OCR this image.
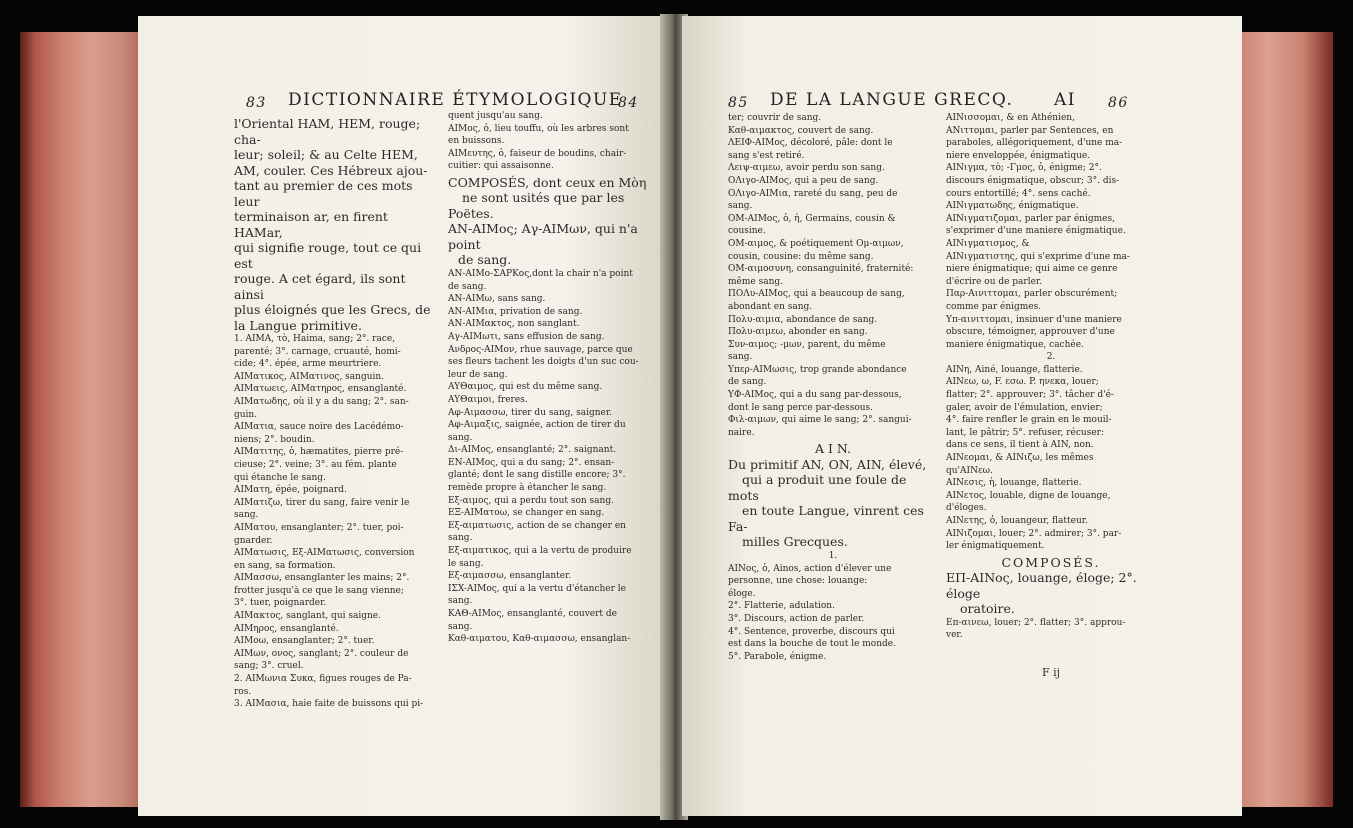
83 DICTIONNAIRE ÉTYMOLOGIQUE
84

l'Oriental HAM, HEM, rouge; cha-

leur; soleil; & au Celte HEM,

AM, couler. Ces Hébreux ajou-

tant au premier de ces mots leur

terminaison ar, en firent HAMar,

qui signifie rouge, tout ce qui est

rouge. A cet égard, ils sont ainsi

plus éloignés que les Grecs, de

la Langue primitive.

1. AIMA, τὸ, Haima, sang; 2°. race,

parenté; 3°. carnage, cruauté, homi-

cide; 4°. épée, arme meurtriere.

AIMατικος, AIMατινος, sanguin.

AIMατωεις, AIMατηρος, ensanglanté.

AIMατωδης, où il y a du sang; 2°. san-

guin.

AIMατια, sauce noire des Lacédémo-

niens; 2°. boudin.

AIMατιτης, ὁ, hæmatites, pierre pré-

cieuse; 2°. veine; 3°. au fém. plante

qui étanche le sang.

AIMατη, épée, poignard.

AIMατιζω, tirer du sang, faire venir le

sang.

AIMατου, ensanglanter; 2°. tuer, poi-

gnarder.

AIMατωσις, Εξ-AIMατωσις, conversion

en sang, sa formation.

AIMασσω, ensanglanter les mains; 2°.

frotter jusqu'à ce que le sang vienne;

3°. tuer, poignarder.

AIMακτος, sanglant, qui saigne.

AIMηρος, ensanglanté.

AIMοω, ensanglanter; 2°. tuer.

AIMων, ονος, sanglant; 2°. couleur de

sang; 3°. cruel.

2. AIMωνια Συκα, figues rouges de Pa-

ros.

3. AIMασια, haie faite de buissons qui pi-

quent jusqu'au sang.

AIMος, ὁ, lieu touffu, où les arbres sont

en buissons.

AIMευτης, ὁ, faiseur de boudins, chair-

cuitier: qui assaisonne.

COMPOSÉS, dont ceux en Μὸη

ne sont usités que par les Poëtes.

AN-AIMος; Αγ-AIMων, qui n'a point

de sang.

AN-AIMο-ΣΑΡΚος,dont la chair n'a point

de sang.

AN-AIMω, sans sang.

AN-AIMια, privation de sang.

AN-AIMακτος, non sanglant.

Aγ-AIMωτι, sans effusion de sang.

Aνδρος-AIMον, rhue sauvage, parce que

ses fleurs tachent les doigts d'un suc cou-

leur de sang.

AYΘαιμος, qui est du même sang.

AYΘαιμοι, freres.

Aφ-Αιμασσω, tirer du sang, saigner.

Aφ-Αιμαξις, saignée, action de tirer du

sang.

Δι-AIMος, ensanglanté; 2°. saignant.

EN-AIMος, qui a du sang; 2°. ensan-

glanté; dont le sang distille encore; 3°.

remède propre à étancher le sang.

Εξ-αιμος, qui a perdu tout son sang.

ΕΞ-AIMατοω, se changer en sang.

Εξ-αιματωσις, action de se changer en

sang.

Εξ-αιματικος, qui a la vertu de produire

le sang.

Εξ-αιμασσω, ensanglanter.

IΣX-AIMος, qui a la vertu d'étancher le

sang.

ΚΑΘ-AIMος, ensanglanté, couvert de

sang.

Καθ-αιματου, Καθ-αιμασσω, ensanglan-

85 DE LA LANGUE GRECQ. AI 86

ter; couvrir de sang.

Καθ-αιμακτος, couvert de sang.

ΛΕΙΦ-AIMος, décoloré, pâle: dont le

sang s'est retiré.

Λειψ-αιμεω, avoir perdu son sang.

ΟΛιγο-AIMος, qui a peu de sang.

ΟΛιγο-AIMια, rareté du sang, peu de

sang.

ΟΜ-AIMος, ὁ, ἡ, Germains, cousin &

cousine.

ΟΜ-αιμος, & poétiquement Ομ-αιμων,

cousin, cousine: du même sang.

ΟΜ-αιμοσυνη, consanguinité, fraternité:

même sang.

ΠΟΛυ-AIMος, qui a beaucoup de sang,

abondant en sang.

Πολυ-αιμια, abondance de sang.

Πολυ-αιμεω, abonder en sang.

Συν-αιμος; -μων, parent, du même

sang.

Υπερ-AIMωσις, trop grande abondance

de sang.

ΥΦ-AIMος, qui a du sang par-dessous,

dont le sang perce par-dessous.

Φιλ-αιμων, qui aime le sang; 2°. sangui-

naire.

A I N.

Du primitif AN, ON, AIN, élevé,

qui a produit une foule de mots

en toute Langue, vinrent ces Fa-

milles Grecques.

1.

AINος, ὁ, Ainos, action d'élever une

personne, une chose: louange:

éloge.

2°. Flatterie, adulation.

3°. Discours, action de parler.

4°. Sentence, proverbe, discours qui

est dans la bouche de tout le monde.

5°. Parabole, énigme.

AINισσομαι, & en Athénien,

AΝιττομαι, parler par Sentences, en

paraboles, allégoriquement, d'une ma-

niere enveloppée, énigmatique.

AINιγμα, τὸ; -Γμος, ὁ, énigme; 2°.

discours énigmatique, obscur; 3°. dis-

cours entortillé; 4°. sens caché.

AINιγματωδης, énigmatique.

AINιγματιζομαι, parler par énigmes,

s'exprimer d'une maniere énigmatique.

AINιγματισμος, &

AINιγματιστης, qui s'exprime d'une ma-

niere énigmatique; qui aime ce genre

d'écrire ou de parler.

Παρ-Αινιττομαι, parler obscurément;

comme par énigmes.

Υπ-αινιττομαι, insinuer d'une maniere

obscure, témoigner, approuver d'une

maniere énigmatique, cachée.

2.

AINη, Ainé, louange, flatterie.

AINεω, ω, F. εσω. P. ηνεκα, louer;

flatter; 2°. approuver; 3°. tâcher d'é-

galer, avoir de l'émulation, envier;

4°. faire renfler le grain en le mouil-

lant, le pâtrir; 5°. refuser, récuser:

dans ce sens, il tient à AIN, non.

AINεομαι, & AINιζω, les mêmes

qu'AINεω.

AINεσις, ἡ, louange, flatterie.

AINετος, louable, digne de louange,

d'éloges.

AINετης, ὁ, louangeur, flatteur.

AINιζομαι, louer; 2°. admirer; 3°. par-

ler énigmatiquement.

COMPOSÉS.

ΕΠ-AINος, louange, éloge; 2°. éloge

oratoire.

Επ-αινεω, louer; 2°. flatter; 3°. approu-

ver.

F ij
